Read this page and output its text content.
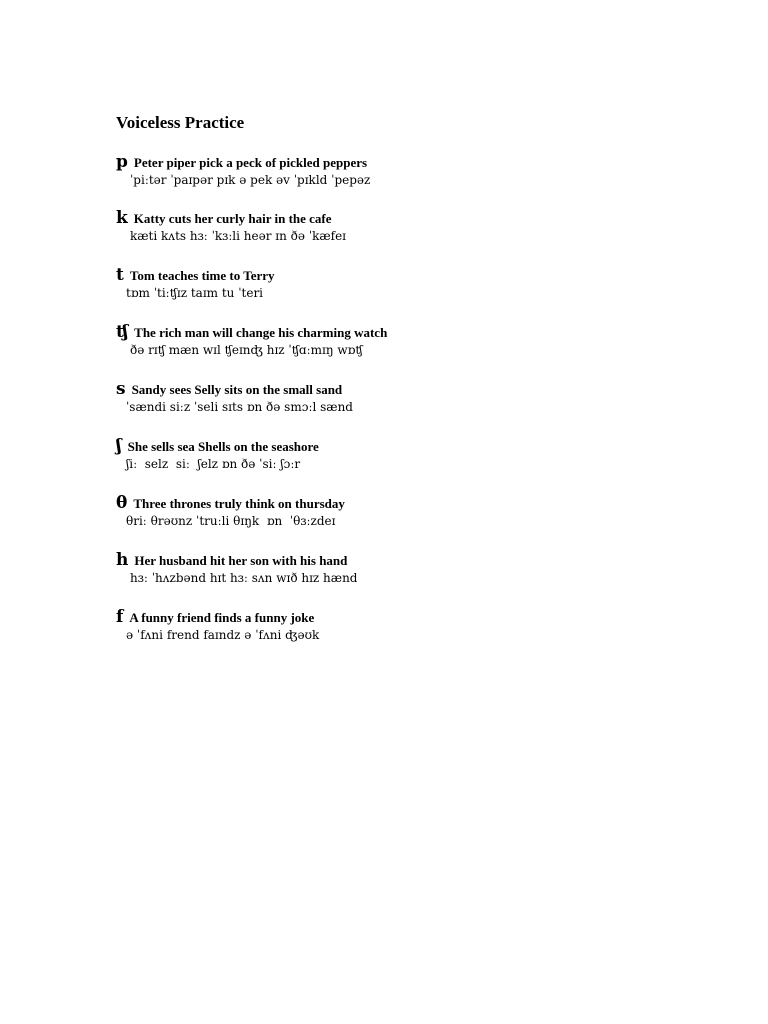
Voiceless Practice
p Peter piper pick a peck of pickled peppers
ˈpiːtər ˈpaɪpər pɪk ə pek əv ˈpɪkld ˈpepəz
k Katty cuts her curly hair in the cafe
kæti kʌts hɜː ˈkɜːli heər ɪn ðə ˈkæfeɪ
t Tom teaches time to Terry
tɒm ˈtiːʧɪz taɪm tu ˈteri
ʧ The rich man will change his charming watch
ðə rɪʧ mæn wɪl ʧeɪnʤ hɪz ˈʧɑːmɪŋ wɒʧ
s Sandy sees Selly sits on the small sand
ˈsændi siːz ˈseli sɪts ɒn ðə smɔːl sænd
ʃ She sells sea Shells on the seashore
ʃiː  selz  siː  ʃelz ɒn ðə ˈsiː ʃɔːr
θ Three thrones truly think on thursday
θriː θrəʊnz ˈtruːli θɪŋk  ɒn  ˈθɜːzdeɪ
h Her husband hit her son with his hand
hɜː ˈhʌzbənd hɪt hɜː sʌn wɪð hɪz hænd
f A funny friend finds a funny joke
ə ˈfʌni frend faɪndz ə ˈfʌni ʤəʊk
